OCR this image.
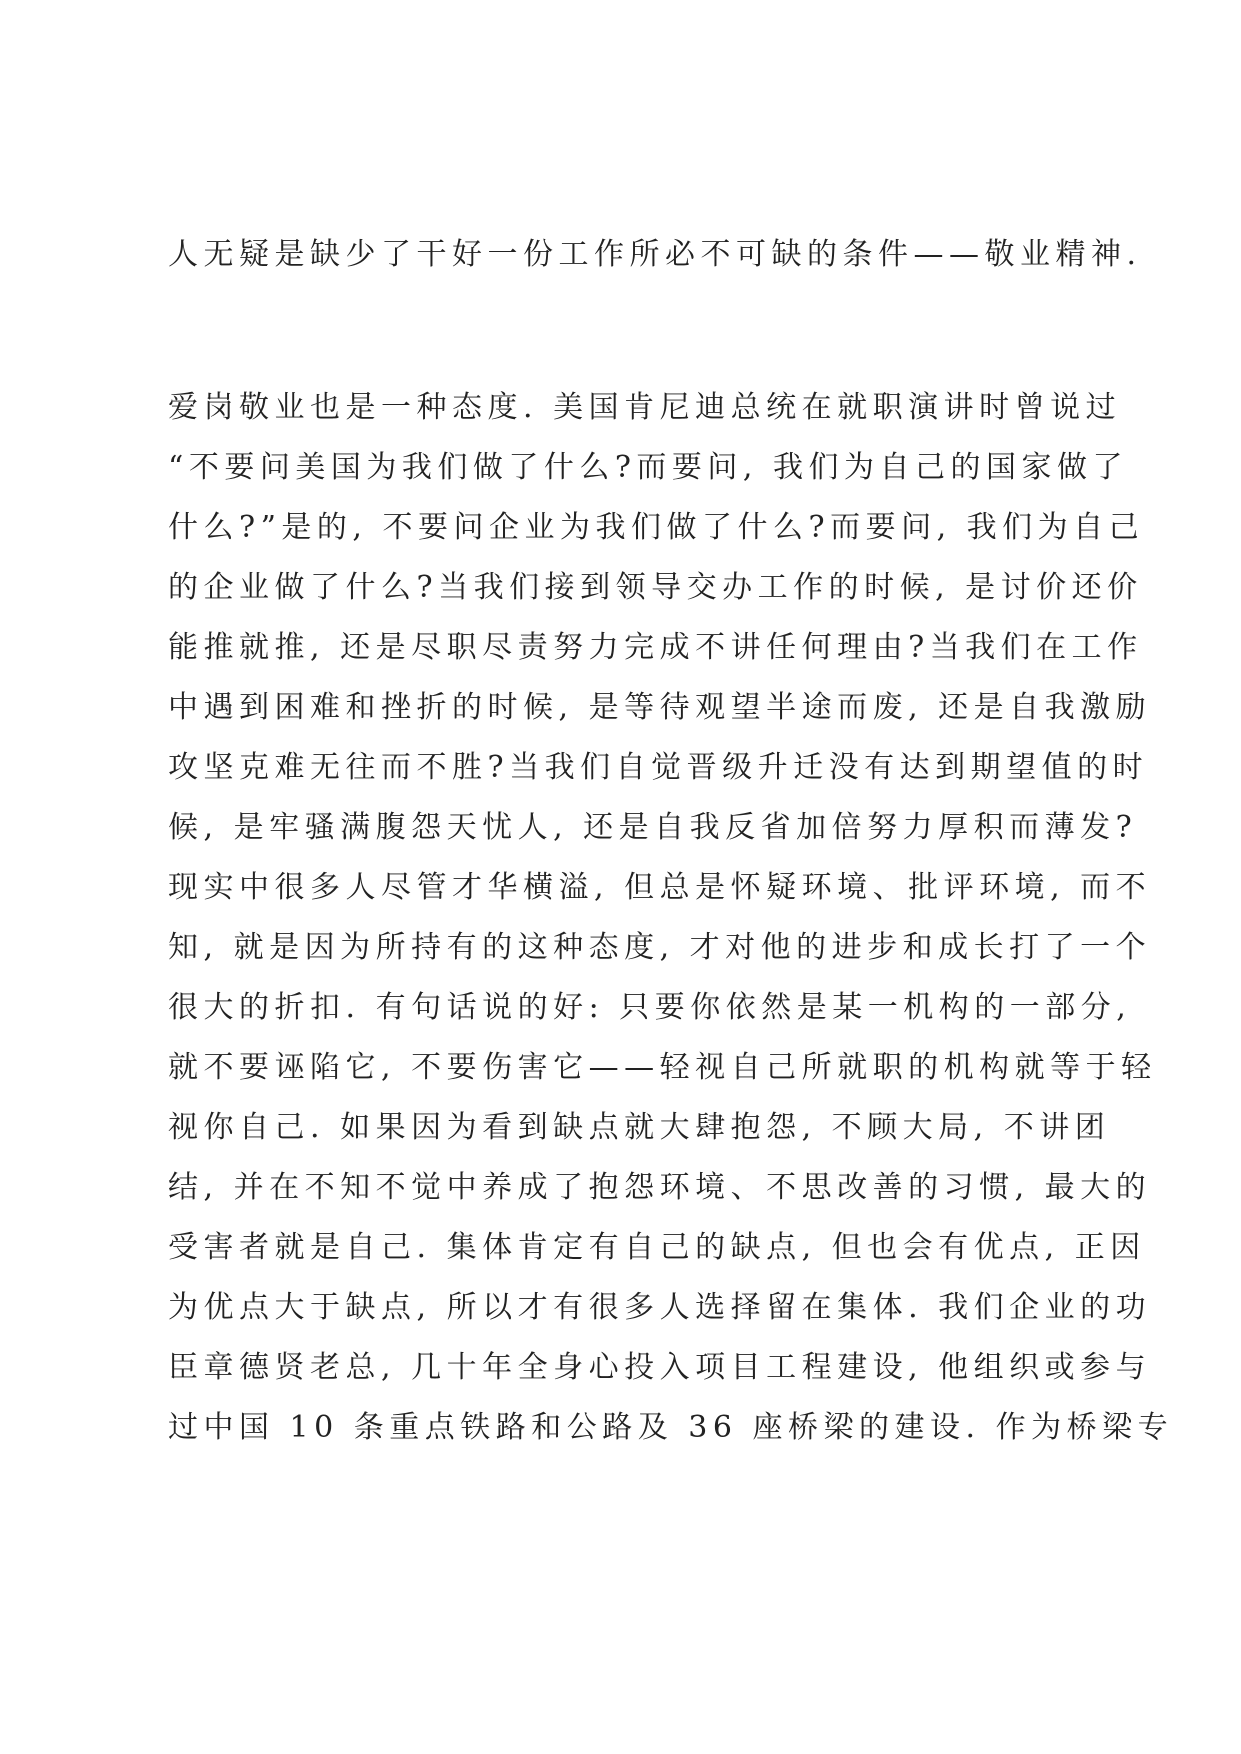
人无疑是缺少了干好一份工作所必不可缺的条件——敬业精神.
爱岗敬业也是一种态度. 美国肯尼迪总统在就职演讲时曾说过
“不要问美国为我们做了什么?而要问, 我们为自己的国家做了
什么?”是的, 不要问企业为我们做了什么?而要问, 我们为自己
的企业做了什么?当我们接到领导交办工作的时候, 是讨价还价
能推就推, 还是尽职尽责努力完成不讲任何理由?当我们在工作
中遇到困难和挫折的时候, 是等待观望半途而废, 还是自我激励
攻坚克难无往而不胜?当我们自觉晋级升迁没有达到期望值的时
候, 是牢骚满腹怨天忧人, 还是自我反省加倍努力厚积而薄发?
现实中很多人尽管才华横溢, 但总是怀疑环境、批评环境, 而不
知, 就是因为所持有的这种态度, 才对他的进步和成长打了一个
很大的折扣. 有句话说的好: 只要你依然是某一机构的一部分,
就不要诬陷它, 不要伤害它——轻视自己所就职的机构就等于轻
视你自己. 如果因为看到缺点就大肆抱怨, 不顾大局, 不讲团
结, 并在不知不觉中养成了抱怨环境、不思改善的习惯, 最大的
受害者就是自己. 集体肯定有自己的缺点, 但也会有优点, 正因
为优点大于缺点, 所以才有很多人选择留在集体. 我们企业的功
臣章德贤老总, 几十年全身心投入项目工程建设, 他组织或参与
过中国 10 条重点铁路和公路及 36 座桥梁的建设. 作为桥梁专
